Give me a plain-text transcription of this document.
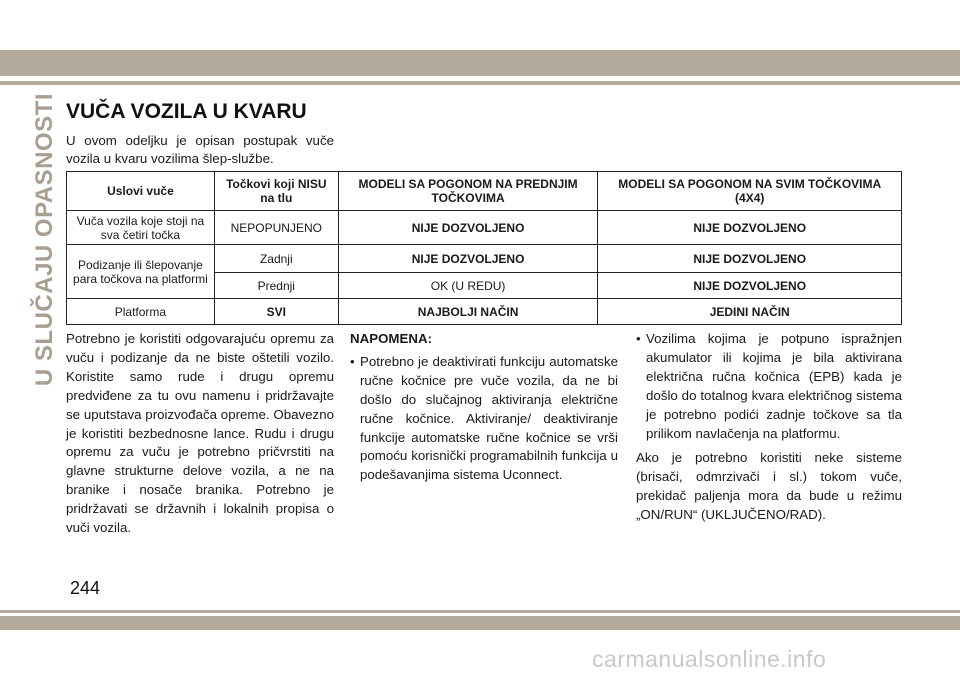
U SLUČAJU OPASNOSTI VUČA VOZILA U KVARU

U ovom odeljku je opisan postupak vuče vozila u kvaru vozilima šlep-službe.

Uslovi vuče	Točkovi koji NISU na tlu	MODELI SA POGONOM NA PREDNJIM TOČKOVIMA	MODELI SA POGONOM NA SVIM TOČKOVIMA (4X4)
Vuča vozila koje stoji na sva četiri točka	NEPOPUNJENO	NIJE DOZVOLJENO	NIJE DOZVOLJENO
Podizanje ili šlepovanje para točkova na platformi	Zadnji	NIJE DOZVOLJENO	NIJE DOZVOLJENO
	Prednji	OK (U REDU)	NIJE DOZVOLJENO
Platforma	SVI	NAJBOLJI NAČIN	JEDINI NAČIN

Potrebno je koristiti odgovarajuću opremu za vuču i podizanje da ne biste oštetili vozilo. Koristite samo rude i drugu opremu predviđene za tu ovu namenu i pridržavajte se uputstava proizvođača opreme. Obavezno je koristiti bezbednosne lance. Rudu i drugu opremu za vuču je potrebno pričvrstiti na glavne strukturne delove vozila, a ne na branike i nosače branika. Potrebno je pridržavati se državnih i lokalnih propisa o vuči vozila.

NAPOMENA:

• Potrebno je deaktivirati funkciju automatske ručne kočnice pre vuče vozila, da ne bi došlo do slučajnog aktiviranja električne ručne kočnice. Aktiviranje/ deaktiviranje funkcije automatske ručne kočnice se vrši pomoću korisnički programabilnih funkcija u podešavanjima sistema Uconnect.
• Vozilima kojima je potpuno ispražnjen akumulator ili kojima je bila aktivirana električna ručna kočnica (EPB) kada je došlo do totalnog kvara električnog sistema je potrebno podići zadnje točkove sa tla prilikom navlačenja na platformu.

Ako je potrebno koristiti neke sisteme (brisači, odmrzivači i sl.) tokom vuče, prekidač paljenja mora da bude u režimu „ON/RUN“ (UKLJUČENO/RAD).

244
carmanualsonline.info
